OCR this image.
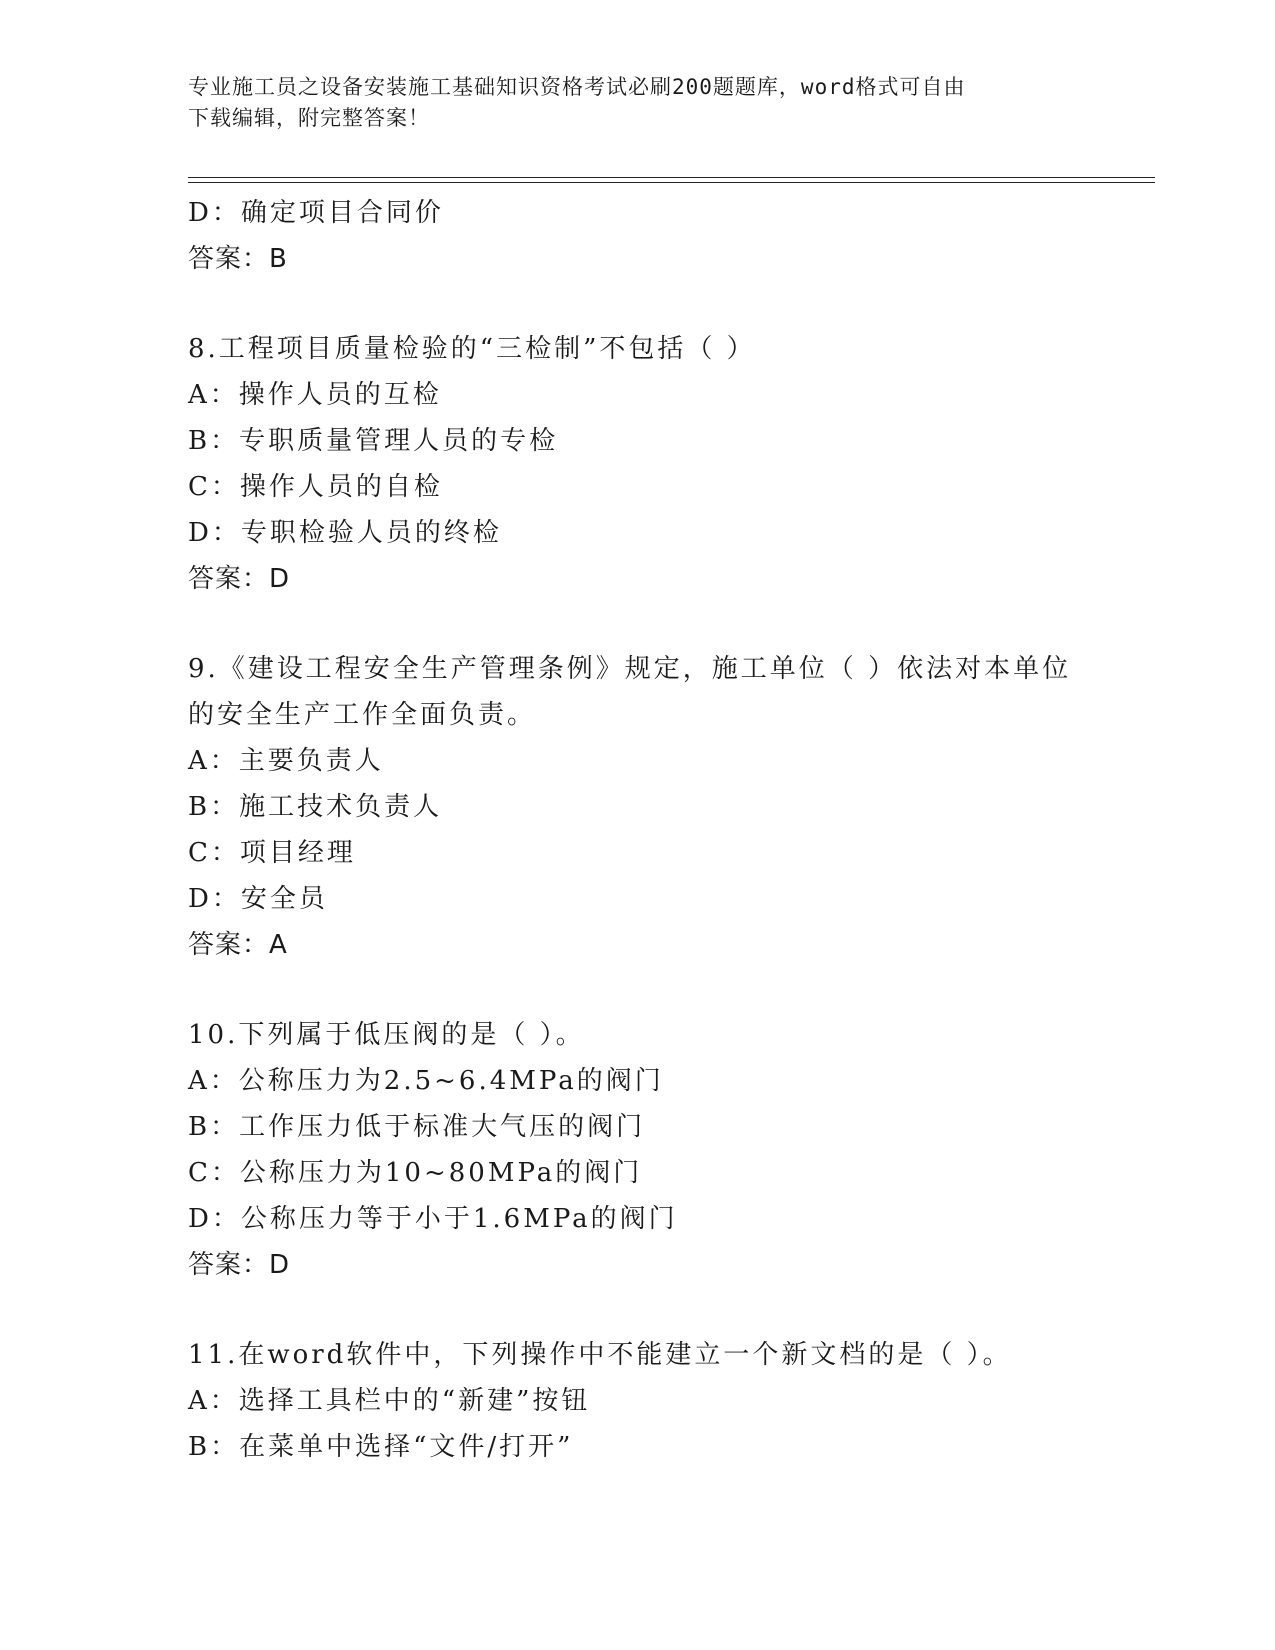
专业施工员之设备安装施工基础知识资格考试必刷200题题库，word格式可自由
下载编辑，附完整答案！
D：确定项目合同价
答案：B
8.工程项目质量检验的“三检制”不包括（ ）
A：操作人员的互检
B：专职质量管理人员的专检
C：操作人员的自检
D：专职检验人员的终检
答案：D
9.《建设工程安全生产管理条例》规定，施工单位（ ）依法对本单位
的安全生产工作全面负责。
A：主要负责人
B：施工技术负责人
C：项目经理
D：安全员
答案：A
10.下列属于低压阀的是（ ）。
A：公称压力为2.5~6.4MPa的阀门
B：工作压力低于标准大气压的阀门
C：公称压力为10~80MPa的阀门
D：公称压力等于小于1.6MPa的阀门
答案：D
11.在word软件中，下列操作中不能建立一个新文档的是（ ）。
A：选择工具栏中的“新建”按钮
B：在菜单中选择“文件/打开”
